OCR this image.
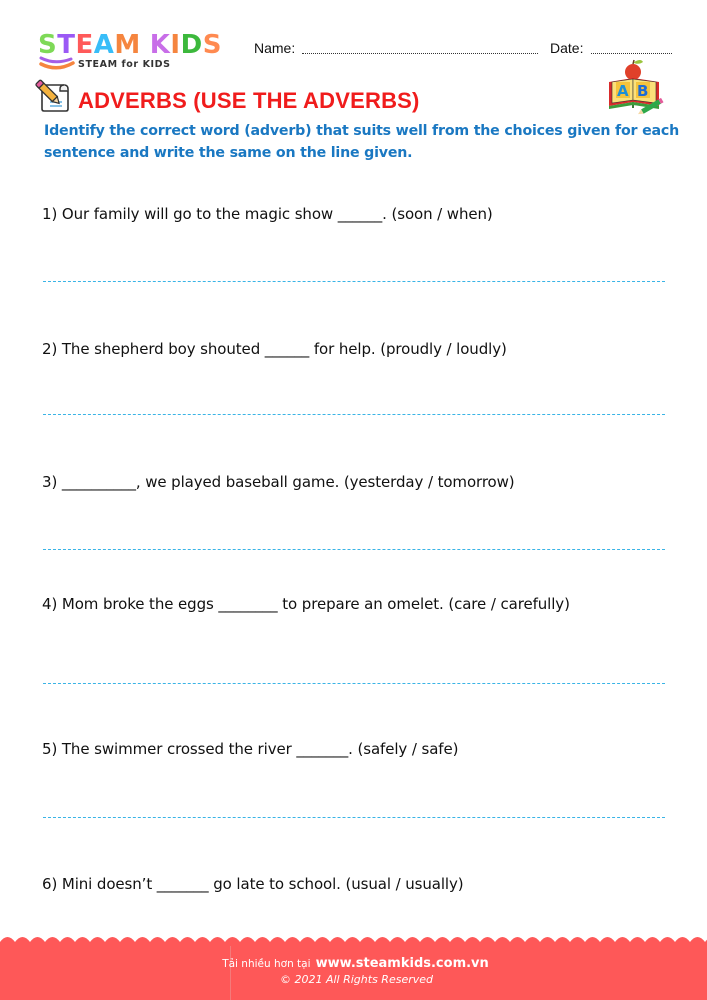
STEAM KIDS
STEAM for KIDS
Name:	Date:
ADVERBS (USE THE ADVERBS)	A B
Identify the correct word (adverb) that suits well from the choices given for each sentence and write the same on the line given.
1) Our family will go to the magic show ______. (soon / when)
2) The shepherd boy shouted ______ for help. (proudly / loudly)
3) __________, we played baseball game. (yesterday / tomorrow)
4) Mom broke the eggs ________ to prepare an omelet. (care / carefully)
5) The swimmer crossed the river _______. (safely / safe)
6) Mini doesn’t _______ go late to school. (usual / usually)
Tải nhiều hơn tại www.steamkids.com.vn
© 2021 All Rights Reserved
